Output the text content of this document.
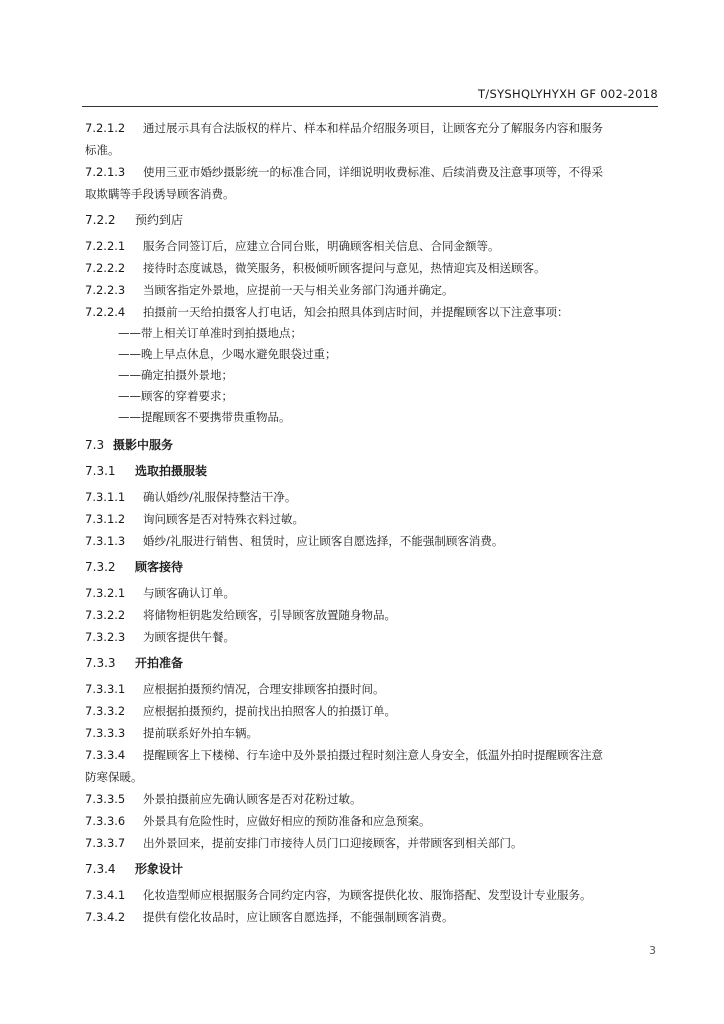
T/SYSHQLYHYXH GF 002-2018

7.2.1.2 通过展示具有合法版权的样片、样本和样品介绍服务项目，让顾客充分了解服务内容和服务

标准。

7.2.1.3 使用三亚市婚纱摄影统一的标准合同，详细说明收费标准、后续消费及注意事项等，不得采

取欺瞒等手段诱导顾客消费。

7.2.2 预约到店

7.2.2.1 服务合同签订后，应建立合同台账，明确顾客相关信息、合同金额等。

7.2.2.2 接待时态度诚恳，微笑服务，积极倾听顾客提问与意见，热情迎宾及相送顾客。

7.2.2.3 当顾客指定外景地，应提前一天与相关业务部门沟通并确定。

7.2.2.4 拍摄前一天给拍摄客人打电话，知会拍照具体到店时间，并提醒顾客以下注意事项：

——带上相关订单准时到拍摄地点；

——晚上早点休息，少喝水避免眼袋过重；

——确定拍摄外景地；

——顾客的穿着要求；

——提醒顾客不要携带贵重物品。

7.3 摄影中服务

7.3.1 选取拍摄服装

7.3.1.1 确认婚纱/礼服保持整洁干净。

7.3.1.2 询问顾客是否对特殊衣料过敏。

7.3.1.3 婚纱/礼服进行销售、租赁时，应让顾客自愿选择，不能强制顾客消费。

7.3.2 顾客接待

7.3.2.1 与顾客确认订单。

7.3.2.2 将储物柜钥匙发给顾客，引导顾客放置随身物品。

7.3.2.3 为顾客提供午餐。

7.3.3 开拍准备

7.3.3.1 应根据拍摄预约情况，合理安排顾客拍摄时间。

7.3.3.2 应根据拍摄预约，提前找出拍照客人的拍摄订单。

7.3.3.3 提前联系好外拍车辆。

7.3.3.4 提醒顾客上下楼梯、行车途中及外景拍摄过程时刻注意人身安全，低温外拍时提醒顾客注意

防寒保暖。

7.3.3.5 外景拍摄前应先确认顾客是否对花粉过敏。

7.3.3.6 外景具有危险性时，应做好相应的预防准备和应急预案。

7.3.3.7 出外景回来，提前安排门市接待人员门口迎接顾客，并带顾客到相关部门。

7.3.4 形象设计

7.3.4.1 化妆造型师应根据服务合同约定内容，为顾客提供化妆、服饰搭配、发型设计专业服务。

7.3.4.2 提供有偿化妆品时，应让顾客自愿选择，不能强制顾客消费。

3
